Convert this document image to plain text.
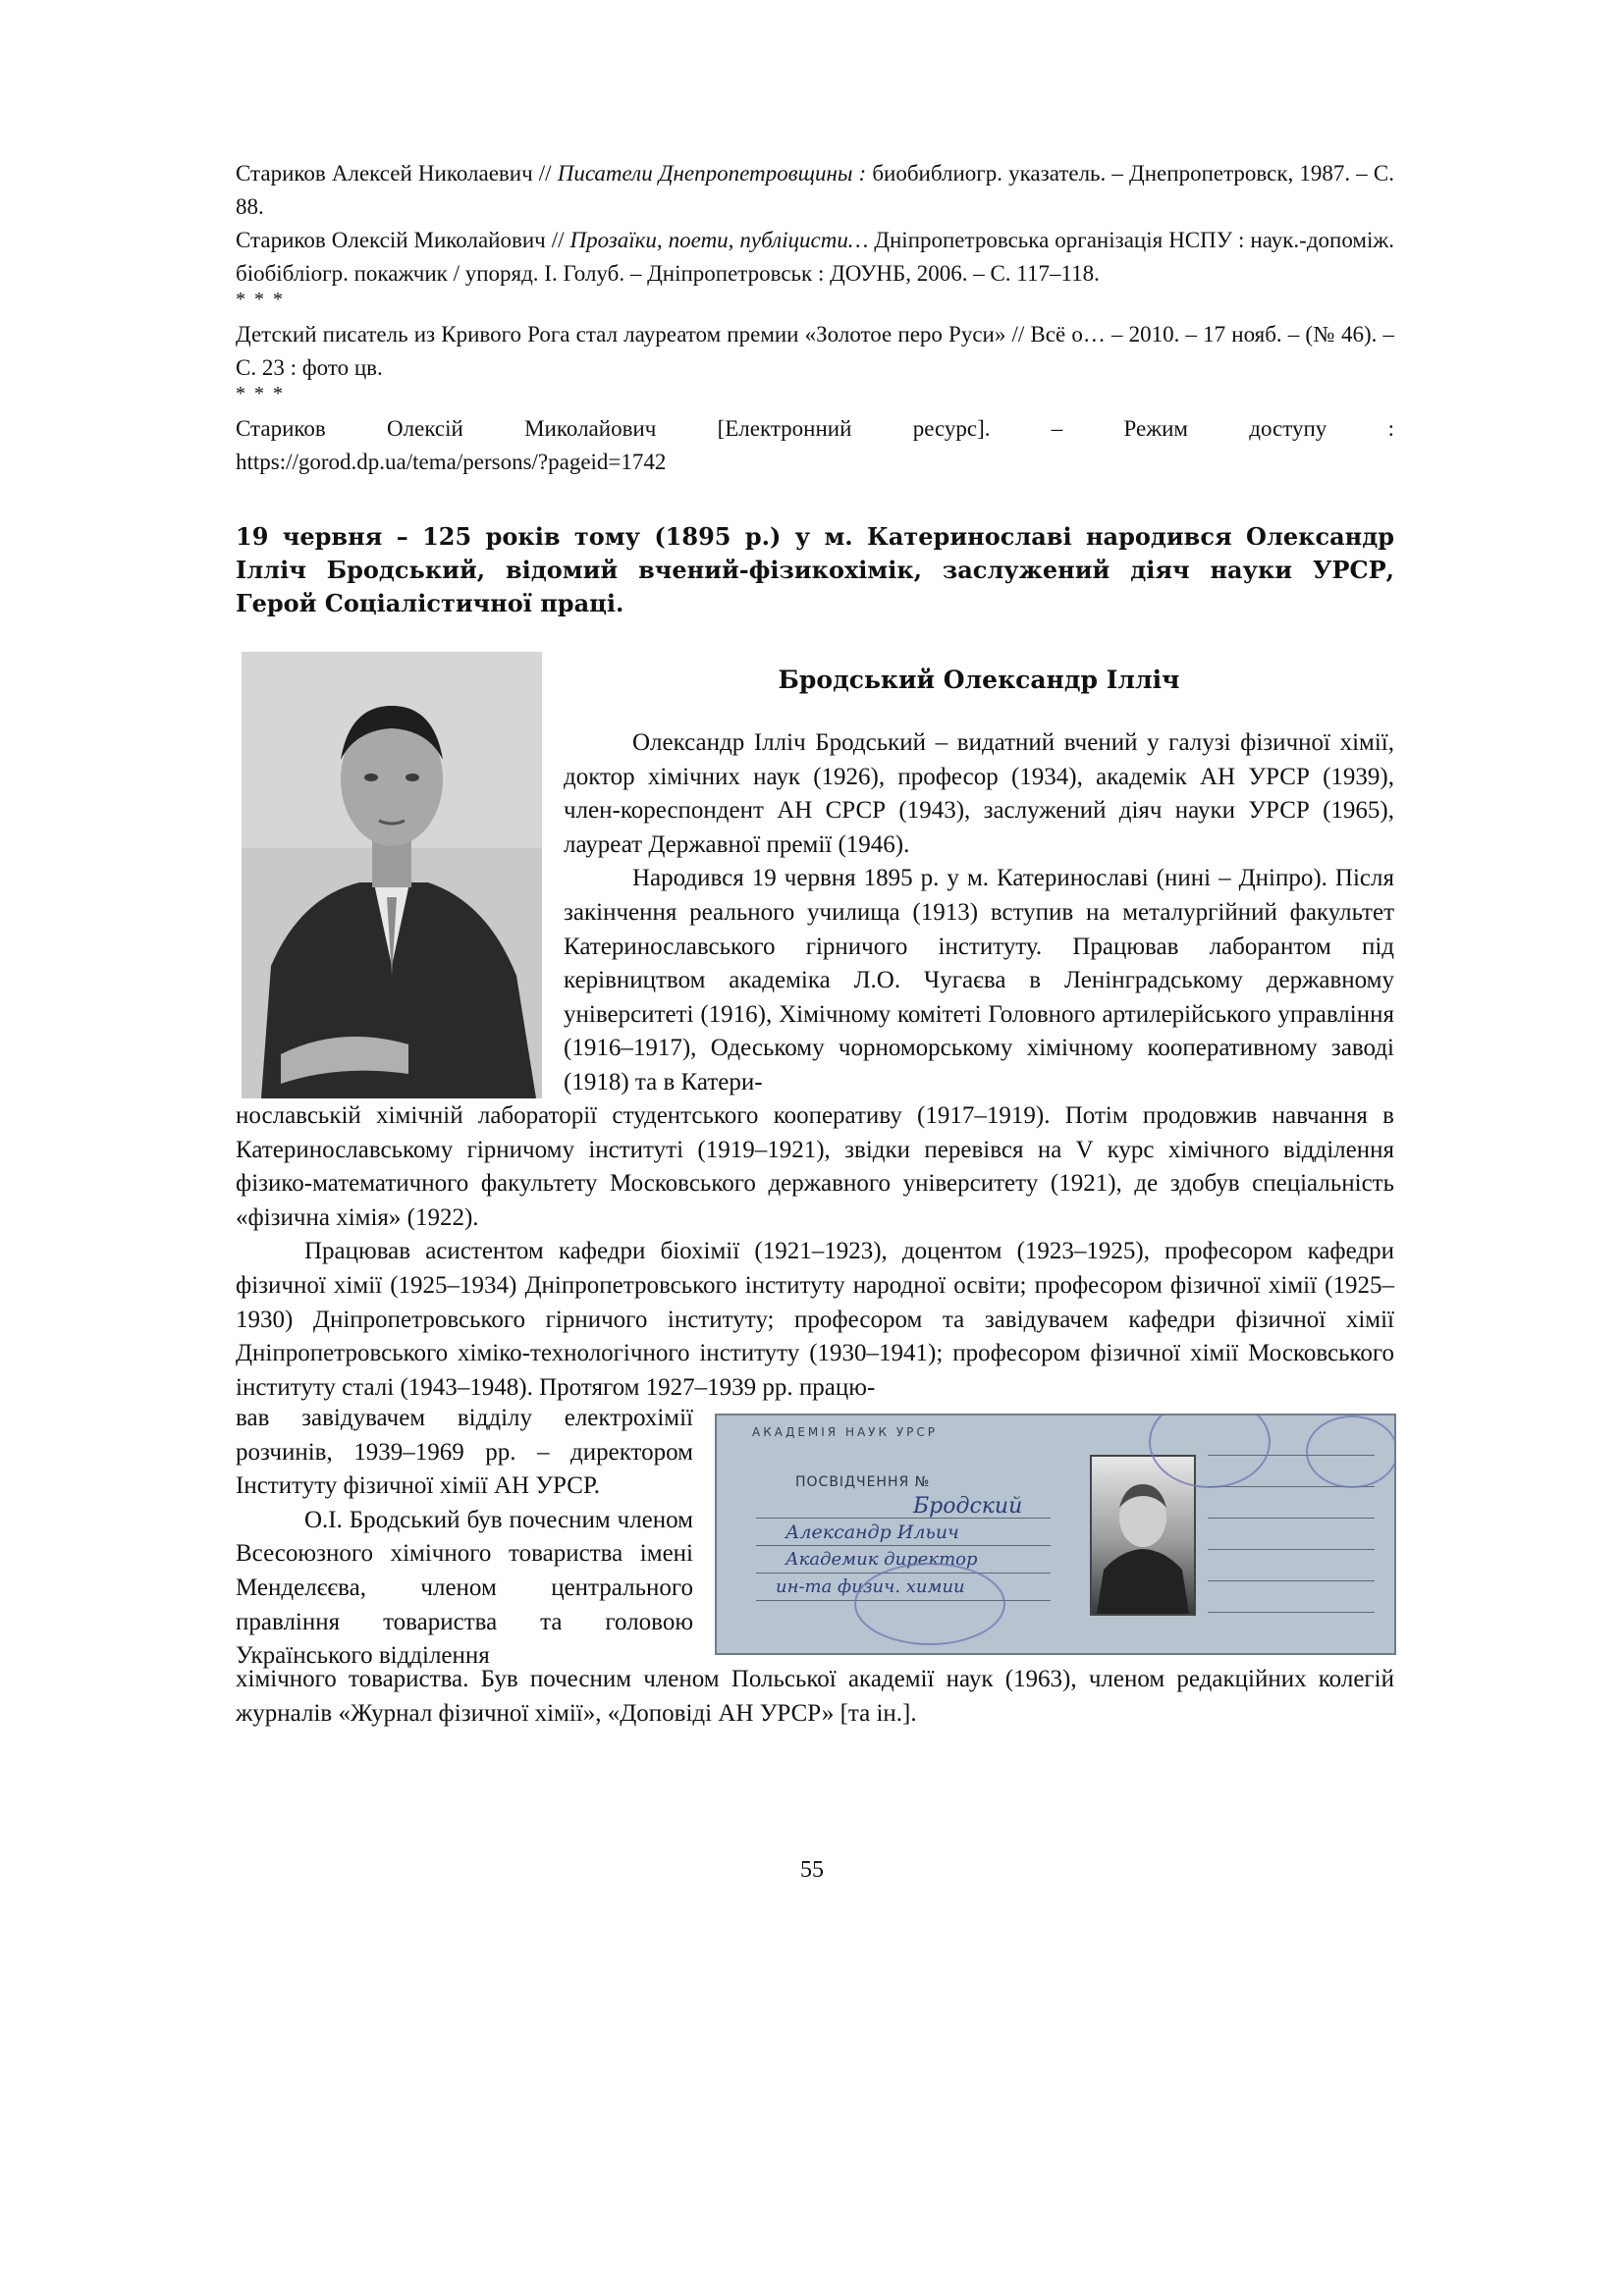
Стариков Алексей Николаевич // Писатели Днепропетровщины : биобиблиогр. указатель. – Днепропетровск, 1987. – С. 88.

Стариков Олексій Миколайович // Прозаїки, поети, публіцисти… Дніпропетровська організація НСПУ : наук.-допоміж. біобібліогр. покажчик / упоряд. І. Голуб. – Дніпропетровськ : ДОУНБ, 2006. – С. 117–118.

* * *

Детский писатель из Кривого Рога стал лауреатом премии «Золотое перо Руси» // Всё о… – 2010. – 17 нояб. – (№ 46). – С. 23 : фото цв.

* * *

Стариков	Олексій	Миколайович	[Електронний	ресурс].	–	Режим	доступу	:

https://gorod.dp.ua/tema/persons/?pageid=1742

19 червня – 125 років тому (1895 р.) у м. Катеринославі народився Олександр Ілліч Бродський, відомий вчений-фізикохімік, заслужений діяч науки УРСР, Герой Соціалістичної праці.
Бродський Олександр Ілліч

Олександр Ілліч Бродський – видатний вчений у галузі фізичної хімії, доктор хімічних наук (1926), професор (1934), академік АН УРСР (1939), член-кореспондент АН СРСР (1943), заслужений діяч науки УРСР (1965), лауреат Державної премії (1946).

Народився 19 червня 1895 р. у м. Катеринославі (нині – Дніпро). Після закінчення реального училища (1913) вступив на металургійний факультет Катеринославського гірничого інституту. Працював лаборантом під керівництвом академіка Л.О. Чугаєва в Ленінградському державному університеті (1916), Хімічному комітеті Головного артилерійського управління (1916–1917), Одеському чорноморському хімічному кооперативному заводі (1918) та в Катери-

нославській хімічній лабораторії студентського кооперативу (1917–1919). Потім продовжив навчання в Катеринославському гірничому інституті (1919–1921), звідки перевівся на V курс хімічного відділення фізико-математичного факультету Московського державного університету (1921), де здобув спеціальність «фізична хімія» (1922).

Працював асистентом кафедри біохімії (1921–1923), доцентом (1923–1925), професором кафедри фізичної хімії (1925–1934) Дніпропетровського інституту народної освіти; професором фізичної хімії (1925–1930) Дніпропетровського гірничого інституту; професором та завідувачем кафедри фізичної хімії Дніпропетровського хіміко-технологічного інституту (1930–1941); професором фізичної хімії Московського інституту сталі (1943–1948). Протягом 1927–1939 рр. працю-

вав завідувачем відділу електрохімії розчинів, 1939–1969 рр. – директором Інституту фізичної хімії АН УРСР.

О.І. Бродський був почесним членом Всесоюзного хімічного товариства імені Менделєєва, членом центрального правління товариства та головою Українського відділення

АКАДЕМІЯ НАУК УРСР
ПОСВІДЧЕННЯ №
Бродский
Александр Ильич
Академик директор
ин-та физич. химии

хімічного товариства. Був почесним членом Польської академії наук (1963), членом редакційних колегій журналів «Журнал фізичної хімії», «Доповіді АН УРСР» [та ін.].

55
